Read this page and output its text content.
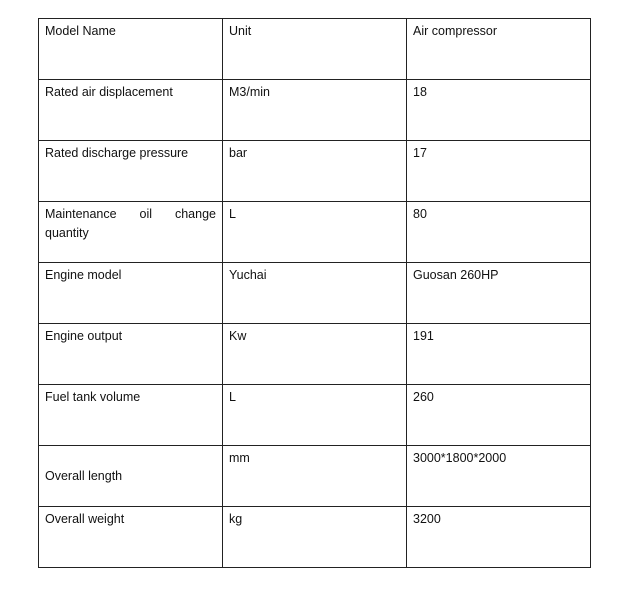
Model Name	Unit	Air compressor

Rated air displacement	M3/min	18

Rated discharge pressure	bar	17

Maintenance oil change quantity	L	80

Engine model	Yuchai	Guosan 260HP

Engine output	Kw	191

Fuel tank volume	L	260

Overall length	mm	3000*1800*2000

Overall weight	kg	3200
